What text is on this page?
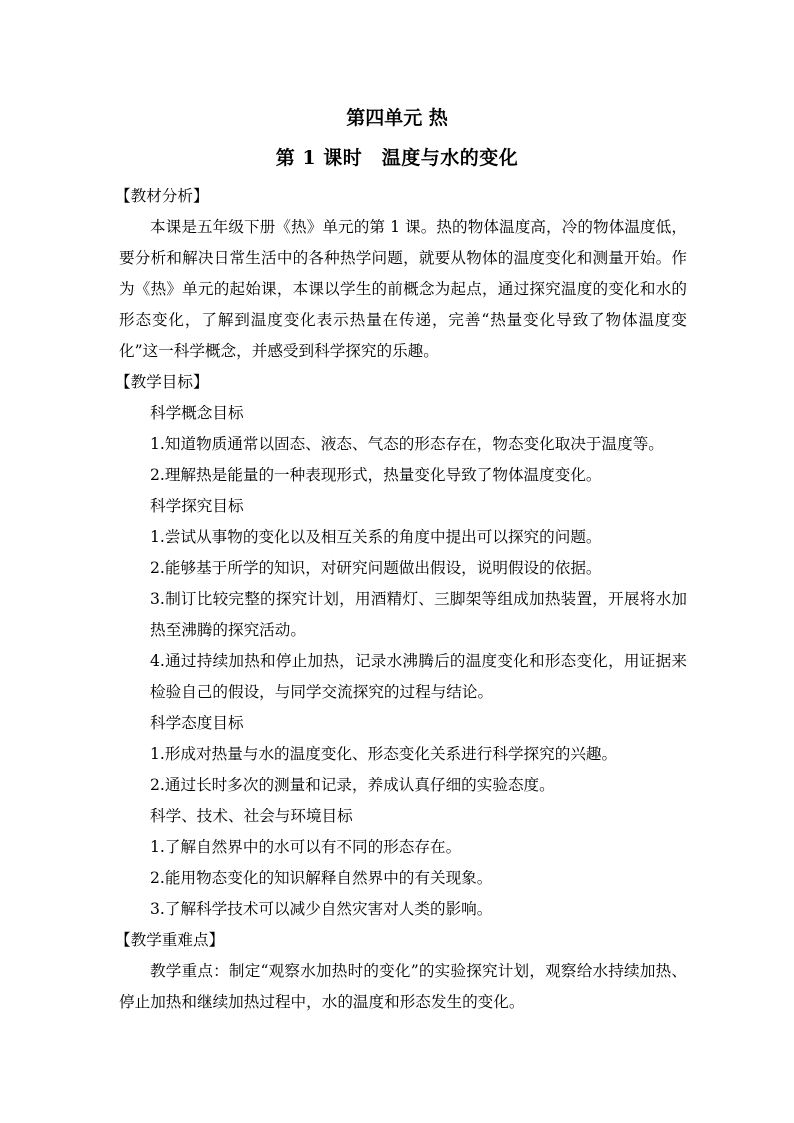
第四单元 热
第 1 课时　温度与水的变化

【教材分析】

本课是五年级下册《热》单元的第 1 课。热的物体温度高，冷的物体温度低，要分析和解决日常生活中的各种热学问题，就要从物体的温度变化和测量开始。作为《热》单元的起始课，本课以学生的前概念为起点，通过探究温度的变化和水的形态变化，了解到温度变化表示热量在传递，完善“热量变化导致了物体温度变化”这一科学概念，并感受到科学探究的乐趣。

【教学目标】

科学概念目标

1.知道物质通常以固态、液态、气态的形态存在，物态变化取决于温度等。

2.理解热是能量的一种表现形式，热量变化导致了物体温度变化。

科学探究目标

1.尝试从事物的变化以及相互关系的角度中提出可以探究的问题。

2.能够基于所学的知识，对研究问题做出假设，说明假设的依据。

3.制订比较完整的探究计划，用酒精灯、三脚架等组成加热装置，开展将水加热至沸腾的探究活动。

4.通过持续加热和停止加热，记录水沸腾后的温度变化和形态变化，用证据来检验自己的假设，与同学交流探究的过程与结论。

科学态度目标

1.形成对热量与水的温度变化、形态变化关系进行科学探究的兴趣。

2.通过长时多次的测量和记录，养成认真仔细的实验态度。

科学、技术、社会与环境目标

1.了解自然界中的水可以有不同的形态存在。

2.能用物态变化的知识解释自然界中的有关现象。

3.了解科学技术可以减少自然灾害对人类的影响。

【教学重难点】

教学重点：制定“观察水加热时的变化”的实验探究计划，观察给水持续加热、停止加热和继续加热过程中，水的温度和形态发生的变化。
